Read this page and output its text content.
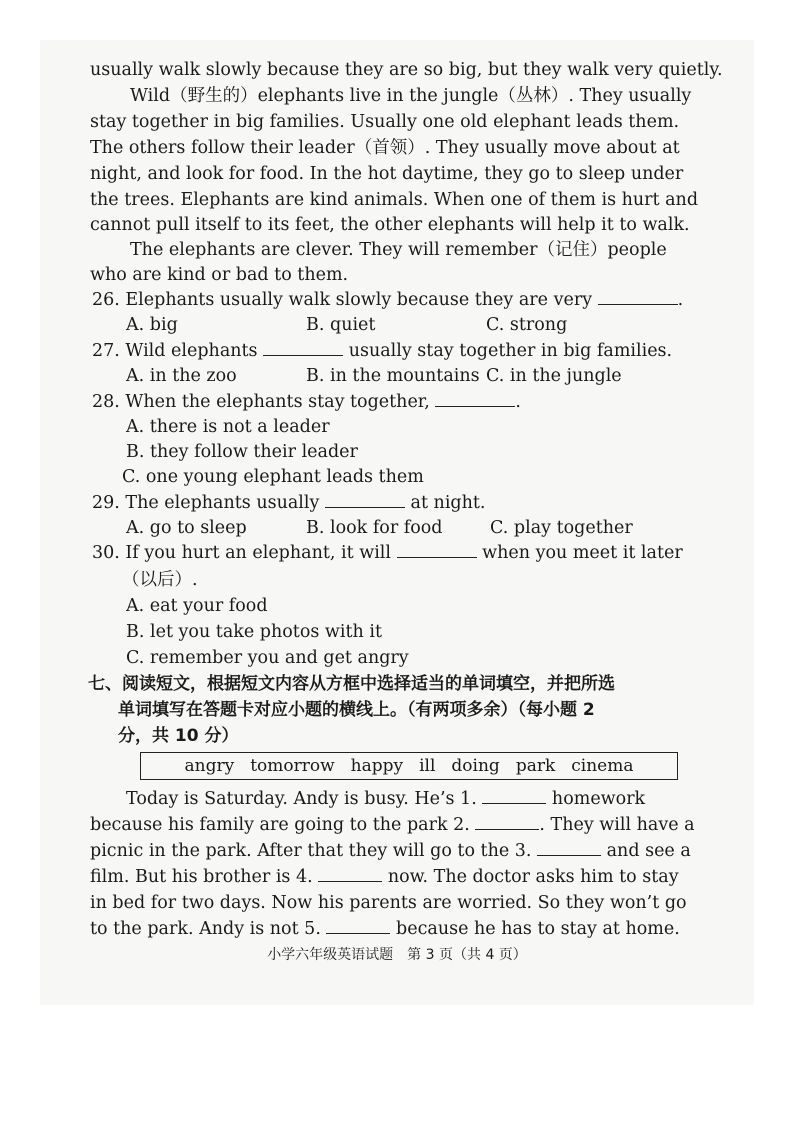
usually walk slowly because they are so big, but they walk very quietly.
Wild（野生的）elephants live in the jungle（丛林）. They usually
stay together in big families. Usually one old elephant leads them.
The others follow their leader（首领）. They usually move about at
night, and look for food. In the hot daytime, they go to sleep under
the trees. Elephants are kind animals. When one of them is hurt and
cannot pull itself to its feet, the other elephants will help it to walk.
The elephants are clever. They will remember（记住）people
who are kind or bad to them.
26. Elephants usually walk slowly because they are very	.
A. big	B. quiet	C. strong
27. Wild elephants	usually stay together in big families.
A. in the zoo	B. in the mountains C. in the jungle
28. When the elephants stay together,	.
A. there is not a leader
B. they follow their leader
C. one young elephant leads them
29. The elephants usually	at night.
A. go to sleep	B. look for food	C. play together
30. If you hurt an elephant, it will	when you meet it later
（以后）.
A. eat your food
B. let you take photos with it
C. remember you and get angry
七、阅读短文，根据短文内容从方框中选择适当的单词填空，并把所选
单词填写在答题卡对应小题的横线上。（有两项多余）（每小题 2
分，共 10 分）
angry tomorrow happy ill doing park cinema
Today is Saturday. Andy is busy. He’s 1.	homework
because his family are going to the park 2.	. They will have a
picnic in the park. After that they will go to the 3.	and see a
film. But his brother is 4.	now. The doctor asks him to stay
in bed for two days. Now his parents are worried. So they won’t go
to the park. Andy is not 5.	because he has to stay at home.
小学六年级英语试题　第 3 页（共 4 页）
